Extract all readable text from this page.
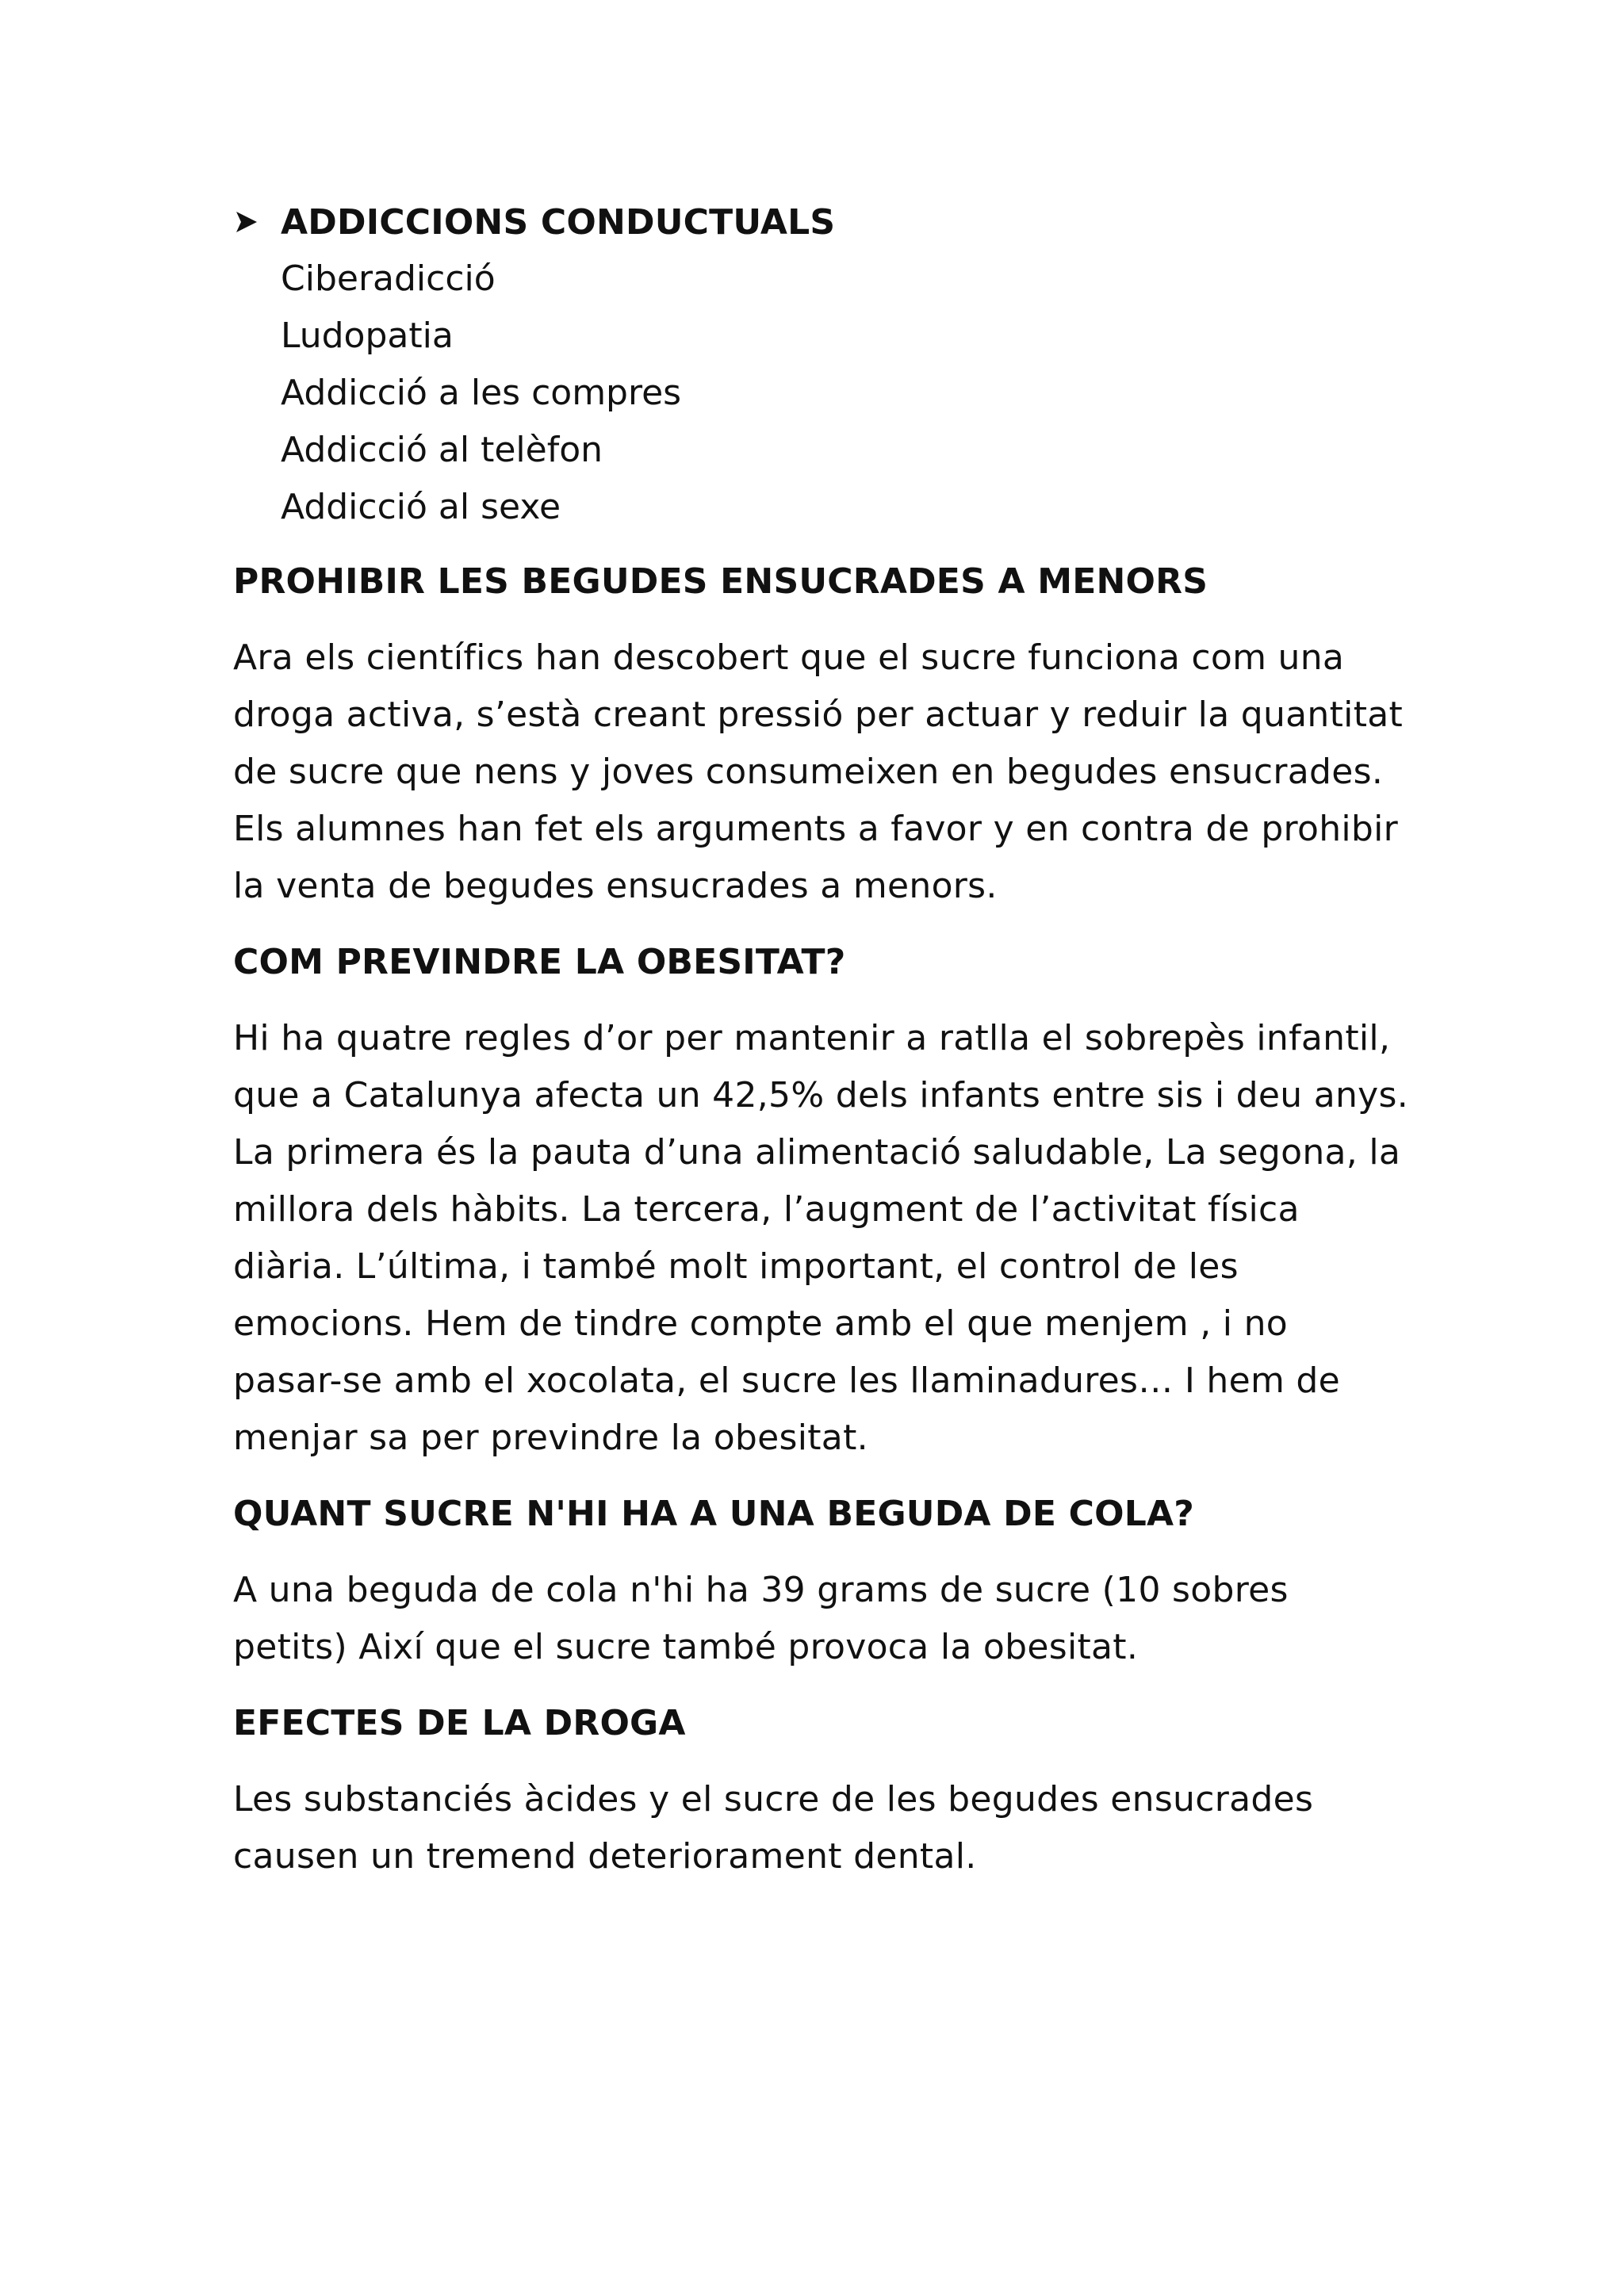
ADDICCIONS CONDUCTUALS
Ciberadicció
Ludopatia
Addicció a les compres
Addicció al telèfon
Addicció al sexe
PROHIBIR LES BEGUDES ENSUCRADES A MENORS

Ara els científics han descobert que el sucre funciona com una

droga activa, s’està creant pressió per actuar y reduir la quantitat

de sucre que nens y joves consumeixen en begudes ensucrades.

Els alumnes han fet els arguments a favor y en contra de prohibir

la venta de begudes ensucrades a menors.

COM PREVINDRE LA OBESITAT?

Hi ha quatre regles d’or per mantenir a ratlla el sobrepès infantil,

que a Catalunya afecta un 42,5% dels infants entre sis i deu anys.

La primera és la pauta d’una alimentació saludable, La segona, la

millora dels hàbits. La tercera, l’augment de l’activitat física

diària. L’última, i també molt important, el control de les

emocions. Hem de tindre compte amb el que menjem , i no

pasar-se amb el xocolata, el sucre les llaminadures… I hem de

menjar sa per previndre la obesitat.

QUANT SUCRE N'HI HA A UNA BEGUDA DE COLA?

A una beguda de cola n'hi ha 39 grams de sucre (10 sobres

petits) Així que el sucre també provoca la obesitat.

EFECTES DE LA DROGA

Les substanciés àcides y el sucre de les begudes ensucrades

causen un tremend deteriorament dental.
